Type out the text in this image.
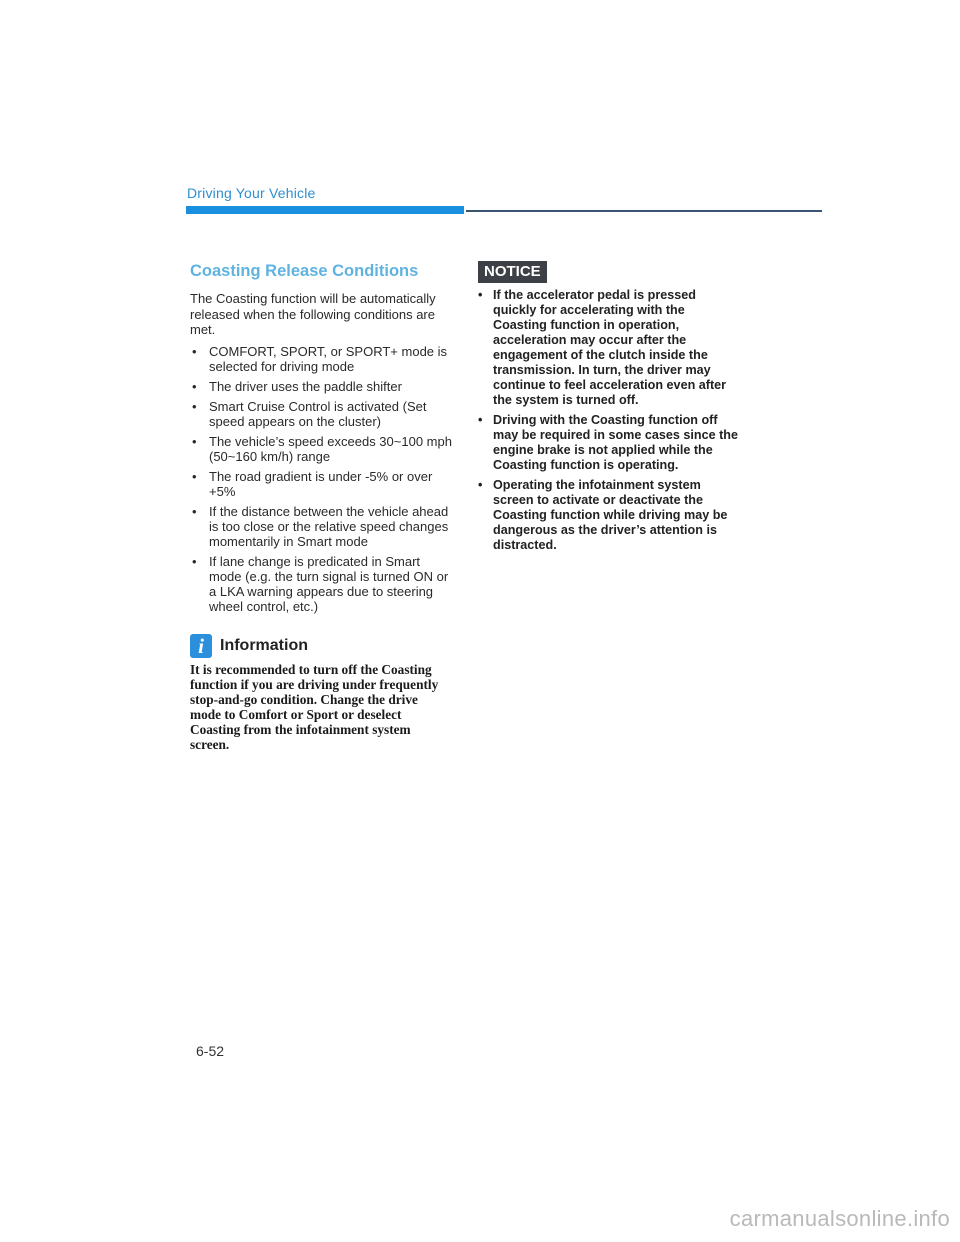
Driving Your Vehicle
Coasting Release Conditions

The Coasting function will be automatically released when the following conditions are met.

• COMFORT, SPORT, or SPORT+ mode is selected for driving mode
• The driver uses the paddle shifter
• Smart Cruise Control is activated (Set speed appears on the cluster)
• The vehicle’s speed exceeds 30~100 mph (50~160 km/h) range
• The road gradient is under -5% or over +5%
• If the distance between the vehicle ahead is too close or the relative speed changes momentarily in Smart mode
• If lane change is predicated in Smart mode (e.g. the turn signal is turned ON or a LKA warning appears due to steering wheel control, etc.)
i	Information

It is recommended to turn off the Coasting function if you are driving under frequently stop-and-go condition. Change the drive mode to Comfort or Sport or deselect Coasting from the infotainment system screen.

NOTICE
• If the accelerator pedal is pressed quickly for accelerating with the Coasting function in operation, acceleration may occur after the engagement of the clutch inside the transmission. In turn, the driver may continue to feel acceleration even after the system is turned off.
• Driving with the Coasting function off may be required in some cases since the engine brake is not applied while the Coasting function is operating.
• Operating the infotainment system screen to activate or deactivate the Coasting function while driving may be dangerous as the driver’s attention is distracted.
6-52
carmanualsonline.info
